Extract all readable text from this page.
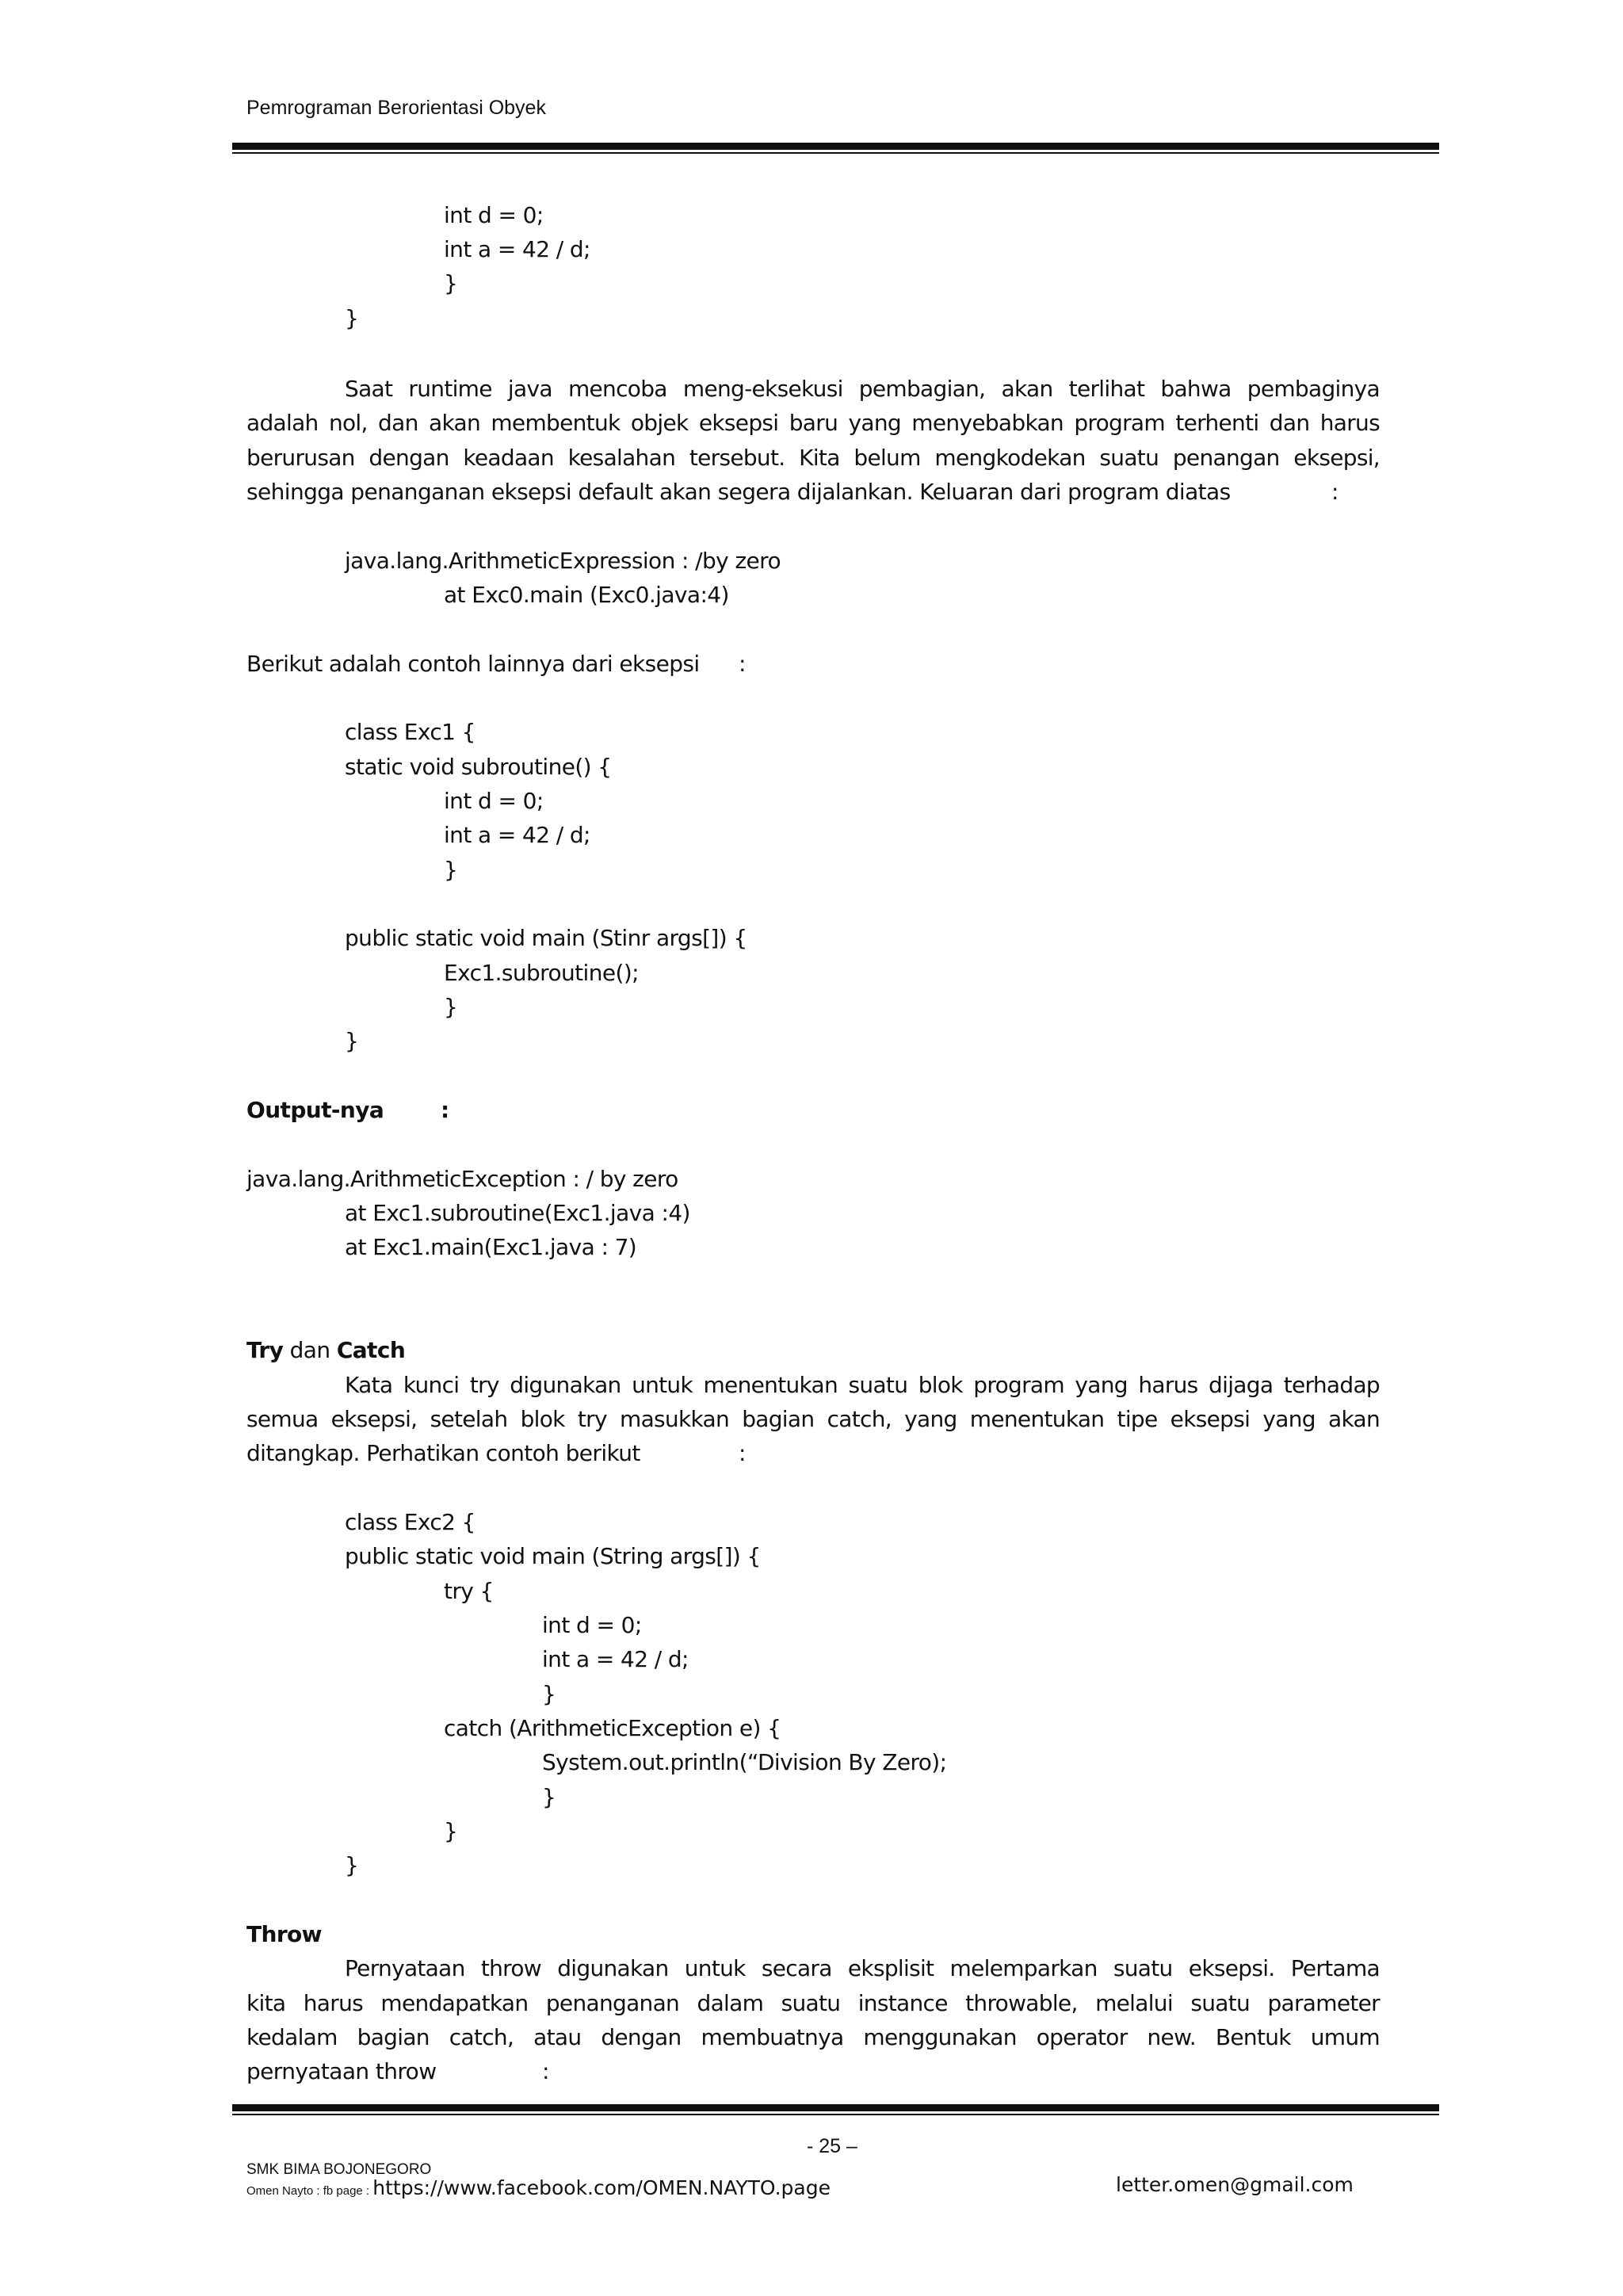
Pemrograman Berorientasi Obyek
int d = 0;
int a = 42 / d;
}
}
Saat runtime java mencoba meng-eksekusi pembagian, akan terlihat bahwa pembaginya
adalah nol, dan akan membentuk objek eksepsi baru yang menyebabkan program terhenti dan harus
berurusan dengan keadaan kesalahan tersebut. Kita belum mengkodekan suatu penangan eksepsi,
sehingga penanganan eksepsi default akan segera dijalankan. Keluaran dari program diatas	:
java.lang.ArithmeticExpression : /by zero
at Exc0.main (Exc0.java:4)
Berikut adalah contoh lainnya dari eksepsi :
class Exc1 {
static void subroutine() {
int d = 0;
int a = 42 / d;
}
public static void main (Stinr args[]) {
Exc1.subroutine();
}
}
Output-nya	:
java.lang.ArithmeticException : / by zero
at Exc1.subroutine(Exc1.java :4)
at Exc1.main(Exc1.java : 7)
Try dan Catch
Kata kunci try digunakan untuk menentukan suatu blok program yang harus dijaga terhadap
semua eksepsi, setelah blok try masukkan bagian catch, yang menentukan tipe eksepsi yang akan
ditangkap. Perhatikan contoh berikut	:
class Exc2 {
public static void main (String args[]) {
try {
int d = 0;
int a = 42 / d;
}
catch (ArithmeticException e) {
System.out.println(“Division By Zero);
}
}
}
Throw
Pernyataan throw digunakan untuk secara eksplisit melemparkan suatu eksepsi. Pertama
kita harus mendapatkan penanganan dalam suatu instance throwable, melalui suatu parameter
kedalam bagian catch, atau dengan membuatnya menggunakan operator new. Bentuk umum
pernyataan throw	:
- 25 –
SMK BIMA BOJONEGORO
Omen Nayto : fb page : https://www.facebook.com/OMEN.NAYTO.page	letter.omen@gmail.com
